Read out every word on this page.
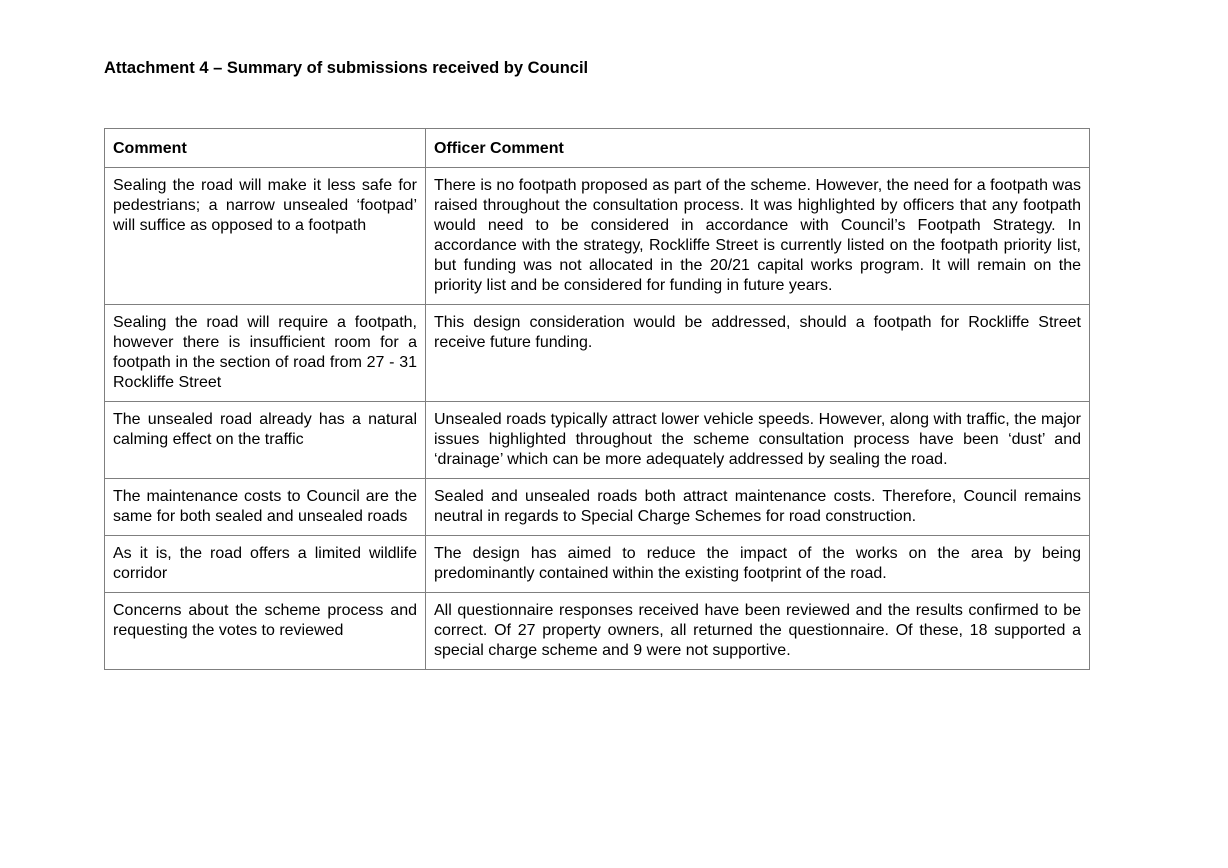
Attachment 4 – Summary of submissions received by Council
Comment	Officer Comment
Sealing the road will make it less safe for pedestrians; a narrow unsealed ‘footpad’ will suffice as opposed to a footpath	There is no footpath proposed as part of the scheme. However, the need for a footpath was raised throughout the consultation process. It was highlighted by officers that any footpath would need to be considered in accordance with Council’s Footpath Strategy. In accordance with the strategy, Rockliffe Street is currently listed on the footpath priority list, but funding was not allocated in the 20/21 capital works program. It will remain on the priority list and be considered for funding in future years.
Sealing the road will require a footpath, however there is insufficient room for a footpath in the section of road from 27 - 31 Rockliffe Street	This design consideration would be addressed, should a footpath for Rockliffe Street receive future funding.
The unsealed road already has a natural calming effect on the traffic	Unsealed roads typically attract lower vehicle speeds. However, along with traffic, the major issues highlighted throughout the scheme consultation process have been ‘dust’ and ‘drainage’ which can be more adequately addressed by sealing the road.
The maintenance costs to Council are the same for both sealed and unsealed roads	Sealed and unsealed roads both attract maintenance costs. Therefore, Council remains neutral in regards to Special Charge Schemes for road construction.
As it is, the road offers a limited wildlife corridor	The design has aimed to reduce the impact of the works on the area by being predominantly contained within the existing footprint of the road.
Concerns about the scheme process and requesting the votes to reviewed	All questionnaire responses received have been reviewed and the results confirmed to be correct. Of 27 property owners, all returned the questionnaire. Of these, 18 supported a special charge scheme and 9 were not supportive.
